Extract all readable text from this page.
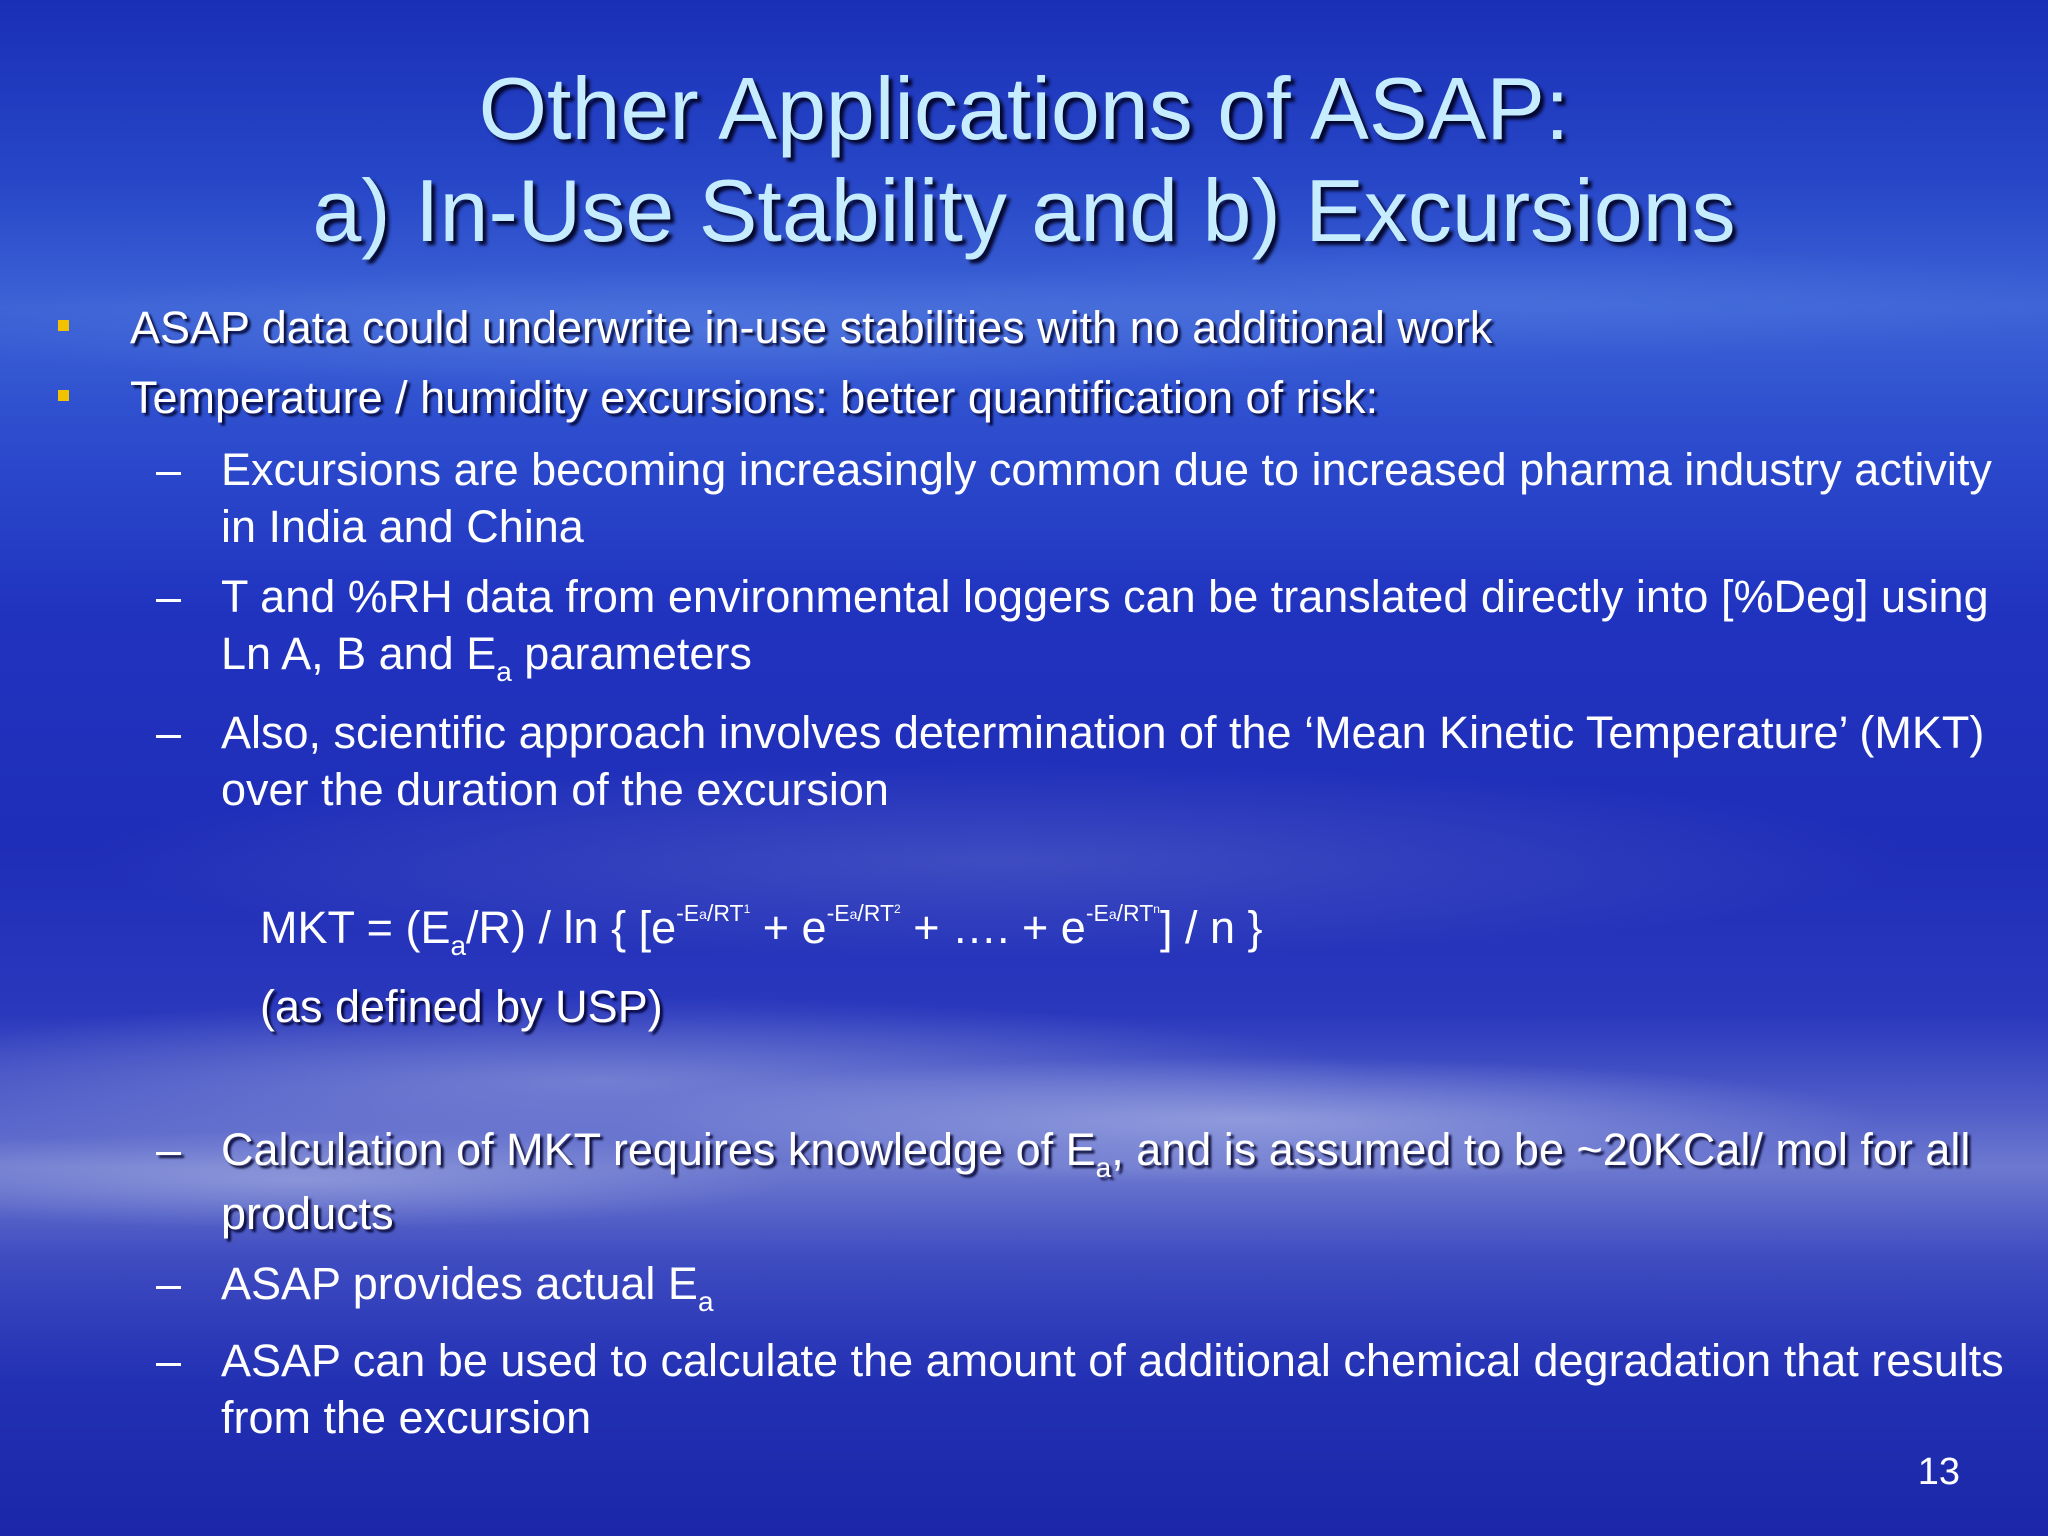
Other Applications of ASAP:
a) In-Use Stability and b) Excursions
ASAP data could underwrite in-use stabilities with no additional work
Temperature / humidity excursions: better quantification of risk:
– Excursions are becoming increasingly common due to increased pharma industry activity in India and China
– T and %RH data from environmental loggers can be translated directly into [%Deg] using Ln A, B and $E_a$ parameters
– Also, scientific approach involves determination of the ‘Mean Kinetic Temperature’ (MKT) over the duration of the excursion
MKT = $(E_a/R)$ / ln { [$e^{-Ea/RT^1} + e^{-Ea/RT^2}$ + …. + $e^{-Ea/RT^n}$] / n }
(as defined by USP)
– Calculation of MKT requires knowledge of $E_a$, and is assumed to be ~20KCal/ mol for all products
– ASAP provides actual $E_a$
– ASAP can be used to calculate the amount of additional chemical degradation that results from the excursion
13
